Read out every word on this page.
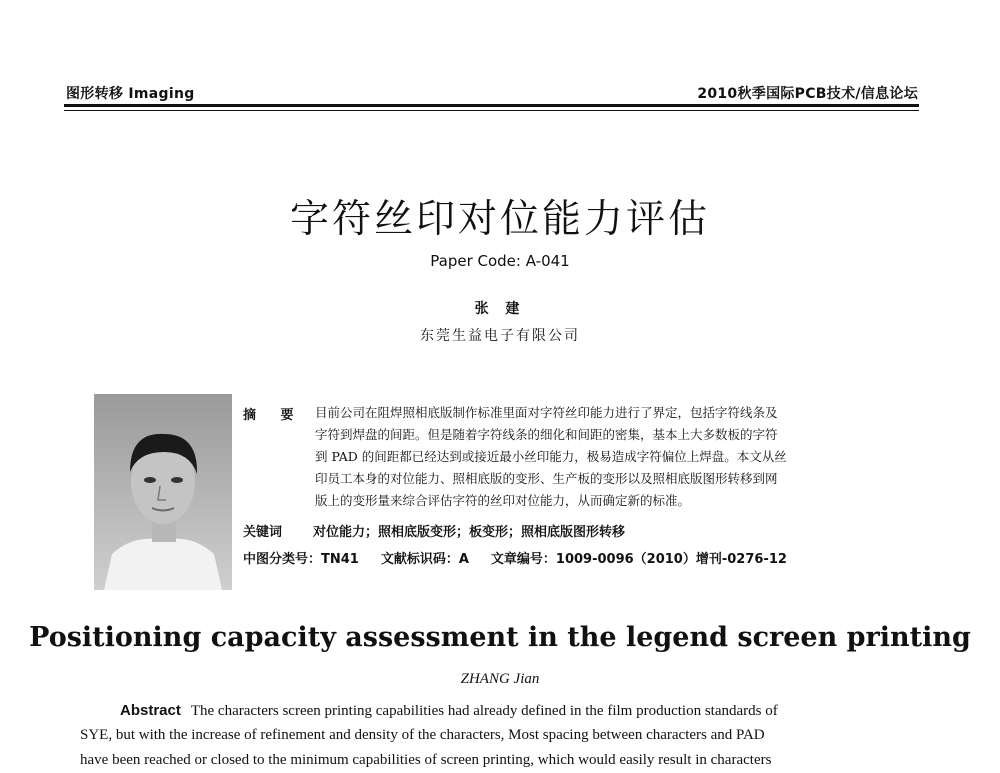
图形转移 Imaging	2010秋季国际PCB技术/信息论坛
字符丝印对位能力评估
Paper Code: A-041
张 建
东莞生益电子有限公司
摘 要 目前公司在阻焊照相底版制作标准里面对字符丝印能力进行了界定，包括字符线条及
字符到焊盘的间距。但是随着字符线条的细化和间距的密集，基本上大多数板的字符
到 PAD 的间距都已经达到或接近最小丝印能力，极易造成字符偏位上焊盘。本文从丝
印员工本身的对位能力、照相底版的变形、生产板的变形以及照相底版图形转移到网
版上的变形量来综合评估字符的丝印对位能力，从而确定新的标准。
关键词 对位能力；照相底版变形；板变形；照相底版图形转移
中图分类号：TN41 文献标识码：A 文章编号：1009-0096（2010）增刊-0276-12
Positioning capacity assessment in the legend screen printing
ZHANG Jian
Abstract The characters screen printing capabilities had already defined in the film production standards of
SYE, but with the increase of refinement and density of the characters, Most spacing between characters and PAD
have been reached or closed to the minimum capabilities of screen printing, which would easily result in characters
